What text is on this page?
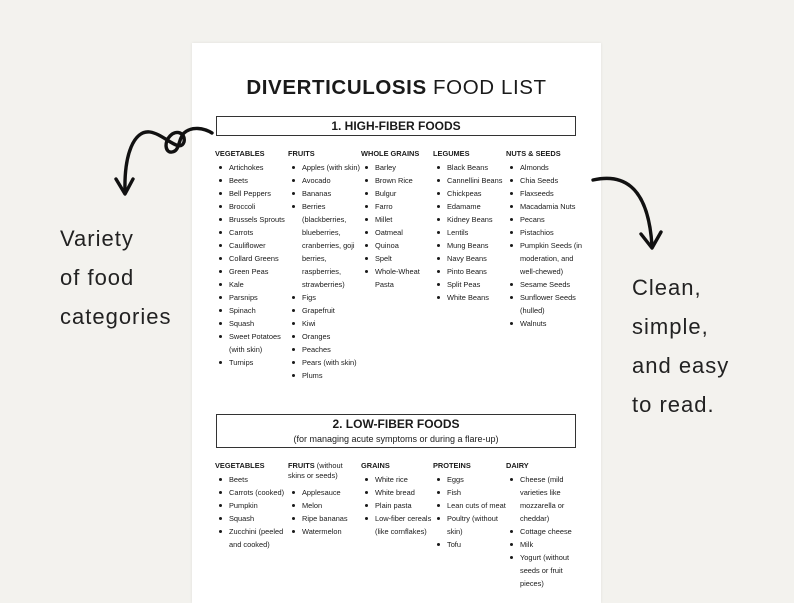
DIVERTICULOSIS FOOD LIST
1. HIGH-FIBER FOODS
VEGETABLES
Artichokes
Beets
Bell Peppers
Broccoli
Brussels Sprouts
Carrots
Cauliflower
Collard Greens
Green Peas
Kale
Parsnips
Spinach
Squash
Sweet Potatoes (with skin)
Turnips
FRUITS
Apples (with skin)
Avocado
Bananas
Berries (blackberries, blueberries, cranberries, goji berries, raspberries, strawberries)
Figs
Grapefruit
Kiwi
Oranges
Peaches
Pears (with skin)
Plums
WHOLE GRAINS
Barley
Brown Rice
Bulgur
Farro
Millet
Oatmeal
Quinoa
Spelt
Whole-Wheat Pasta
LEGUMES
Black Beans
Cannellini Beans
Chickpeas
Edamame
Kidney Beans
Lentils
Mung Beans
Navy Beans
Pinto Beans
Split Peas
White Beans
NUTS & SEEDS
Almonds
Chia Seeds
Flaxseeds
Macadamia Nuts
Pecans
Pistachios
Pumpkin Seeds (in moderation, and well-chewed)
Sesame Seeds
Sunflower Seeds (hulled)
Walnuts
2. LOW-FIBER FOODS
(for managing acute symptoms or during a flare-up)
VEGETABLES
Beets
Carrots (cooked)
Pumpkin
Squash
Zucchini (peeled and cooked)
FRUITS (without skins or seeds)
Applesauce
Melon
Ripe bananas
Watermelon
GRAINS
White rice
White bread
Plain pasta
Low-fiber cereals (like cornflakes)
PROTEINS
Eggs
Fish
Lean cuts of meat
Poultry (without skin)
Tofu
DAIRY
Cheese (mild varieties like mozzarella or cheddar)
Cottage cheese
Milk
Yogurt (without seeds or fruit pieces)

Variety
of food
categories

Clean,
simple,
and easy
to read.
